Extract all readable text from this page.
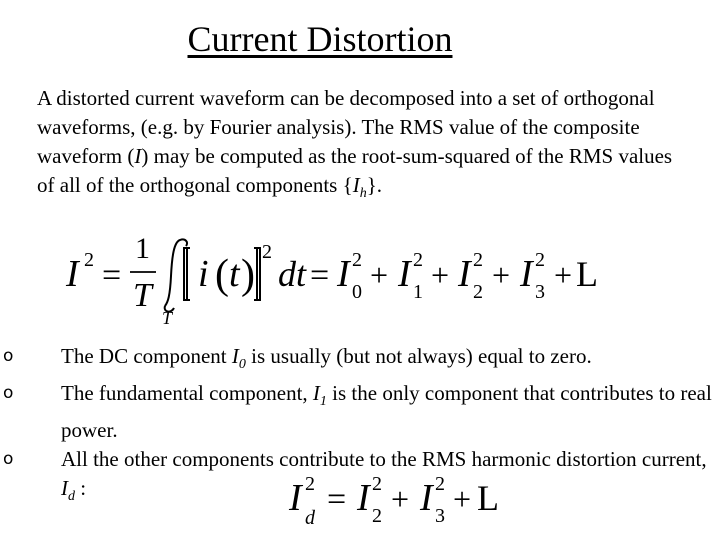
Current Distortion
A distorted current waveform can be decomposed into a set of orthogonal waveforms, (e.g. by Fourier analysis). The RMS value of the composite waveform (I) may be computed as the root-sum-squared of the RMS values of all of the orthogonal components $\{I_h\}$.
I 2 =
1
T
T
i ( t ) 2
dt = I 2
0 + I 2
1 + I 2
2 + I 2
3 + L
o The DC component $I_0$ is usually (but not always) equal to zero.
o The fundamental component, $I_1$ is the only component that contributes to real power.
o All the other components contribute to the RMS harmonic distortion current, $I_d$ :	I 2
d = I 2
2 + I 2
3 + L
